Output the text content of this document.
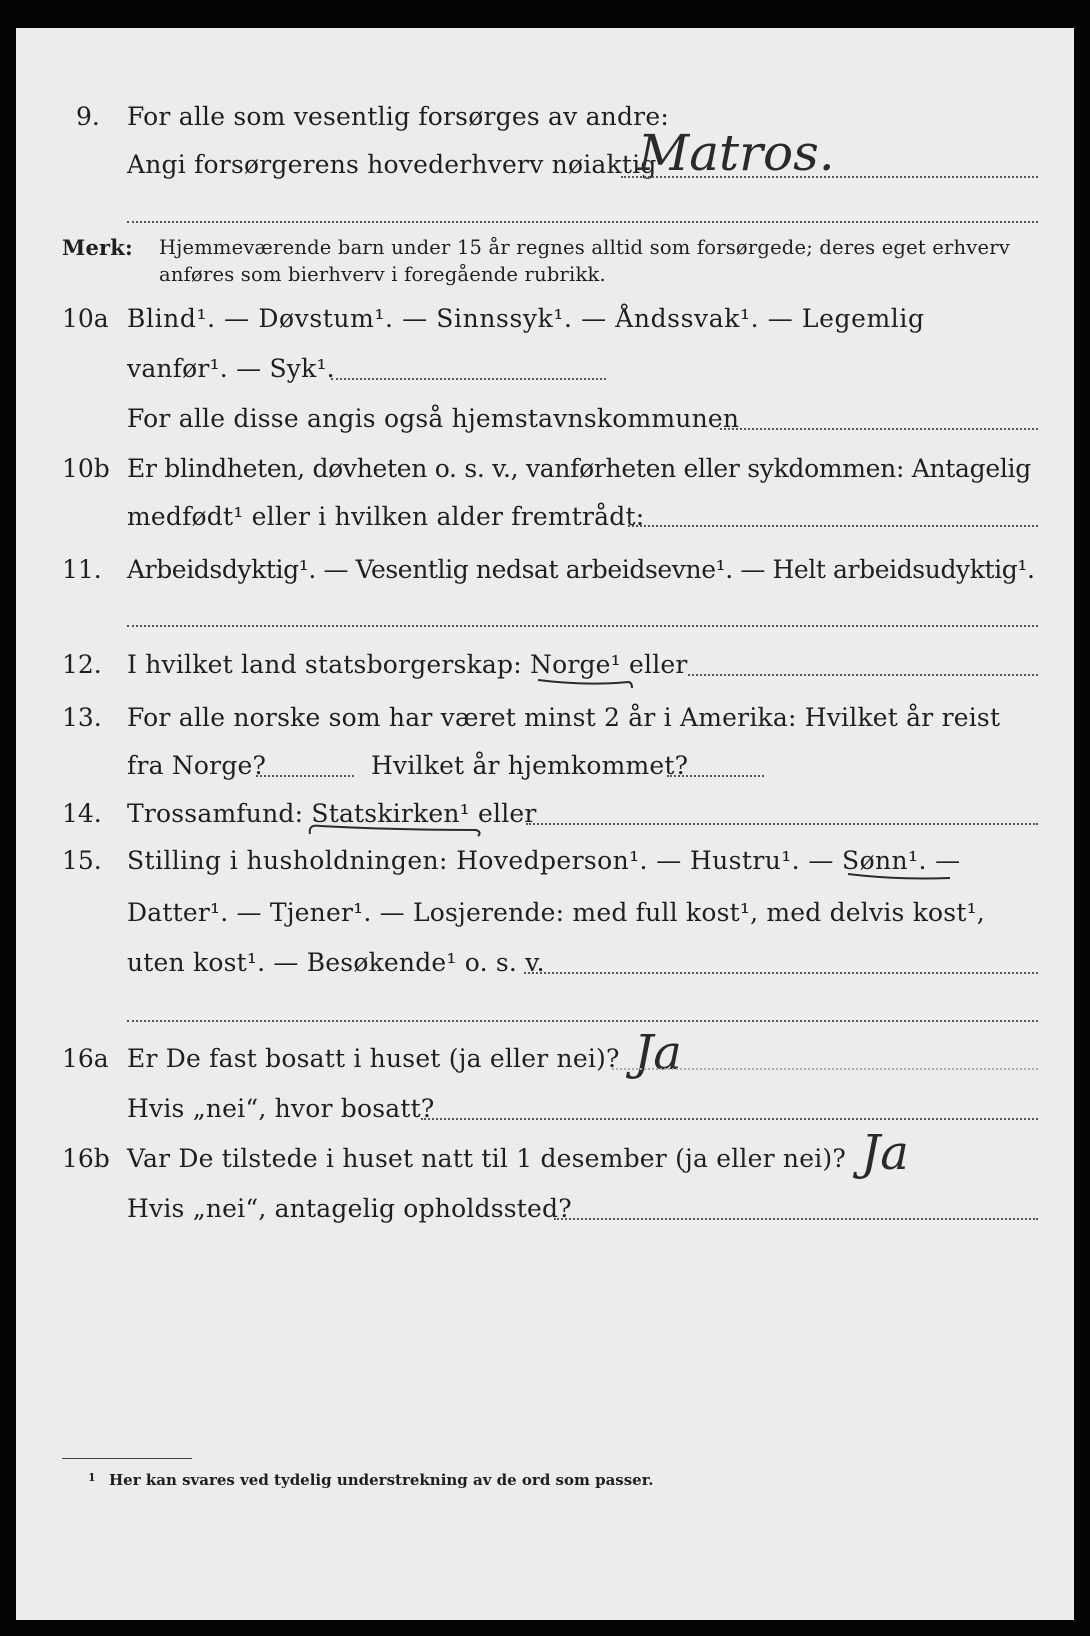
9. For alle som vesentlig forsørges av andre:
Angi forsørgerens hovederhverv nøiaktig
Matros.
Merk: Hjemmeværende barn under 15 år regnes alltid som forsørgede; deres eget erhverv
anføres som bierhverv i foregående rubrikk.
10a Blind¹. — Døvstum¹. — Sinnssyk¹. — Åndssvak¹. — Legemlig
vanfør¹. — Syk¹.
For alle disse angis også hjemstavnskommunen
10b Er blindheten, døvheten o. s. v., vanførheten eller sykdommen: Antagelig
medfødt¹ eller i hvilken alder fremtrådt:
11. Arbeidsdyktig¹. — Vesentlig nedsat arbeidsevne¹. — Helt arbeidsudyktig¹.
12. I hvilket land statsborgerskap: Norge¹ eller
13. For alle norske som har været minst 2 år i Amerika: Hvilket år reist
fra Norge?	Hvilket år hjemkommet?
14. Trossamfund: Statskirken¹ eller
15. Stilling i husholdningen: Hovedperson¹. — Hustru¹. — Sønn¹. —
Datter¹. — Tjener¹. — Losjerende: med full kost¹, med delvis kost¹,
uten kost¹. — Besøkende¹ o. s. v.
16a Er De fast bosatt i huset (ja eller nei)? Ja
Hvis „nei“, hvor bosatt?
16b Var De tilstede i huset natt til 1 desember (ja eller nei)? Ja
Hvis „nei“, antagelig opholdssted?
1 Her kan svares ved tydelig understrekning av de ord som passer.
